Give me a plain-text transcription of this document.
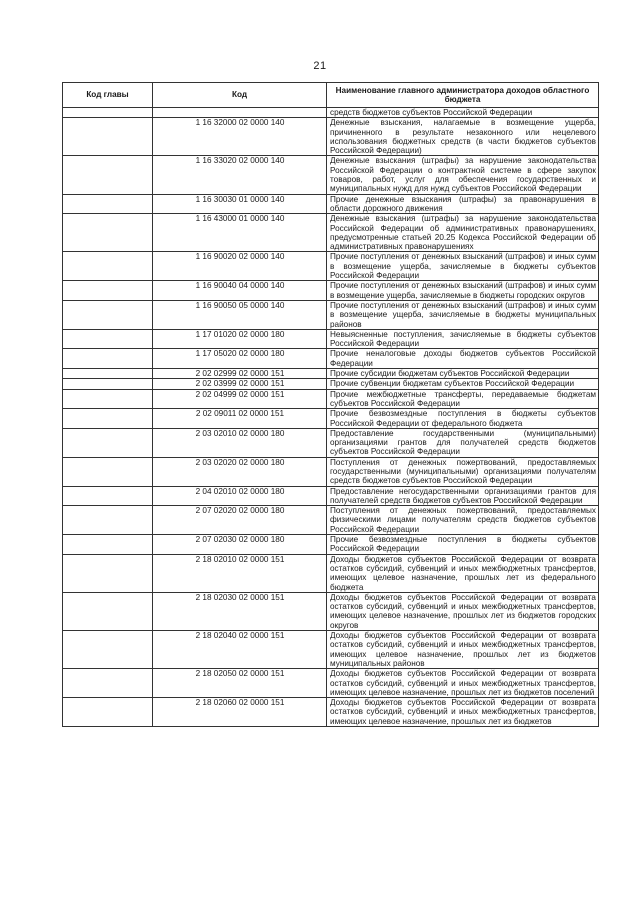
21
Код главы	Код	Наименование главного администратора доходов областного бюджета
		средств бюджетов субъектов Российской Федерации
	1 16 32000 02 0000 140	Денежные взыскания, налагаемые в возмещение ущерба, причиненного в результате незаконного или нецелевого использования бюджетных средств (в части бюджетов субъектов Российской Федерации)
	1 16 33020 02 0000 140	Денежные взыскания (штрафы) за нарушение законодательства Российской Федерации о контрактной системе в сфере закупок товаров, работ, услуг для обеспечения государственных и муниципальных нужд для нужд субъектов Российской Федерации
	1 16 30030 01 0000 140	Прочие денежные взыскания (штрафы) за правонарушения в области дорожного движения
	1 16 43000 01 0000 140	Денежные взыскания (штрафы) за нарушение законодательства Российской Федерации об административных правонарушениях, предусмотренные статьей 20.25 Кодекса Российской Федерации об административных правонарушениях
	1 16 90020 02 0000 140	Прочие поступления от денежных взысканий (штрафов) и иных сумм в возмещение ущерба, зачисляемые в бюджеты субъектов Российской Федерации
	1 16 90040 04 0000 140	Прочие поступления от денежных взысканий (штрафов) и иных сумм в возмещение ущерба, зачисляемые в бюджеты городских округов
	1 16 90050 05 0000 140	Прочие поступления от денежных взысканий (штрафов) и иных сумм в возмещение ущерба, зачисляемые в бюджеты муниципальных районов
	1 17 01020 02 0000 180	Невыясненные поступления, зачисляемые в бюджеты субъектов Российской Федерации
	1 17 05020 02 0000 180	Прочие неналоговые доходы бюджетов субъектов Российской Федерации
	2 02 02999 02 0000 151	Прочие субсидии бюджетам субъектов Российской Федерации
	2 02 03999 02 0000 151	Прочие субвенции бюджетам субъектов Российской Федерации
	2 02 04999 02 0000 151	Прочие межбюджетные трансферты, передаваемые бюджетам субъектов Российской Федерации
	2 02 09011 02 0000 151	Прочие безвозмездные поступления в бюджеты субъектов Российской Федерации от федерального бюджета
	2 03 02010 02 0000 180	Предоставление государственными (муниципальными) организациями грантов для получателей средств бюджетов субъектов Российской Федерации
	2 03 02020 02 0000 180	Поступления от денежных пожертвований, предоставляемых государственными (муниципальными) организациями получателям средств бюджетов субъектов Российской Федерации
	2 04 02010 02 0000 180	Предоставление негосударственными организациями грантов для получателей средств бюджетов субъектов Российской Федерации
	2 07 02020 02 0000 180	Поступления от денежных пожертвований, предоставляемых физическими лицами получателям средств бюджетов субъектов Российской Федерации
	2 07 02030 02 0000 180	Прочие безвозмездные поступления в бюджеты субъектов Российской Федерации
	2 18 02010 02 0000 151	Доходы бюджетов субъектов Российской Федерации от возврата остатков субсидий, субвенций и иных межбюджетных трансфертов, имеющих целевое назначение, прошлых лет из федерального бюджета
	2 18 02030 02 0000 151	Доходы бюджетов субъектов Российской Федерации от возврата остатков субсидий, субвенций и иных межбюджетных трансфертов, имеющих целевое назначение, прошлых лет из бюджетов городских округов
	2 18 02040 02 0000 151	Доходы бюджетов субъектов Российской Федерации от возврата остатков субсидий, субвенций и иных межбюджетных трансфертов, имеющих целевое назначение, прошлых лет из бюджетов муниципальных районов
	2 18 02050 02 0000 151	Доходы бюджетов субъектов Российской Федерации от возврата остатков субсидий, субвенций и иных межбюджетных трансфертов, имеющих целевое назначение, прошлых лет из бюджетов поселений
	2 18 02060 02 0000 151	Доходы бюджетов субъектов Российской Федерации от возврата остатков субсидий, субвенций и иных межбюджетных трансфертов, имеющих целевое назначение, прошлых лет из бюджетов
